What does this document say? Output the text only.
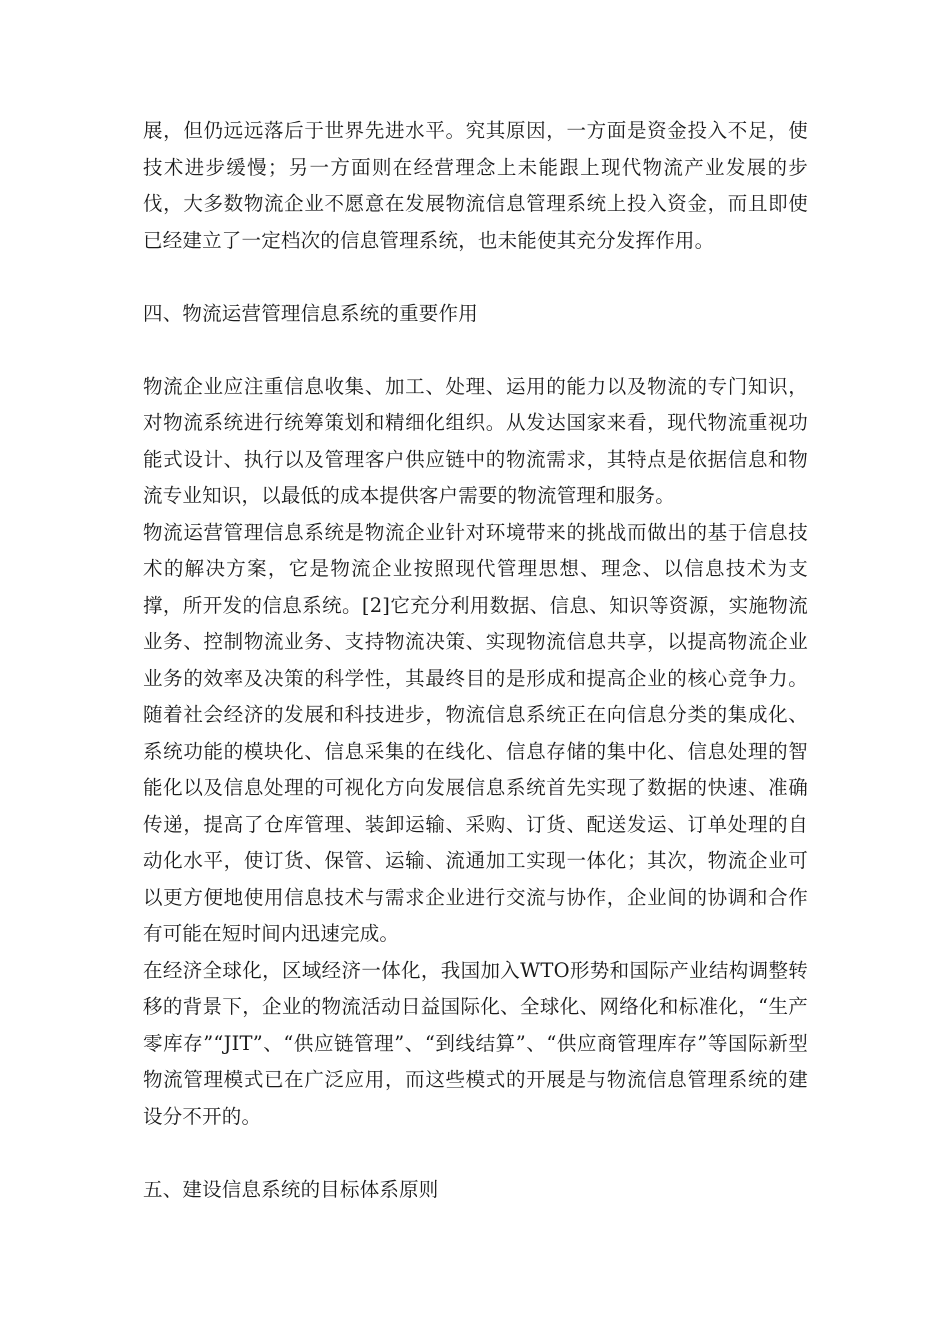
展，但仍远远落后于世界先进水平。究其原因，一方面是资金投入不足，使技术进步缓慢；另一方面则在经营理念上未能跟上现代物流产业发展的步伐，大多数物流企业不愿意在发展物流信息管理系统上投入资金，而且即使已经建立了一定档次的信息管理系统，也未能使其充分发挥作用。

四、物流运营管理信息系统的重要作用

物流企业应注重信息收集、加工、处理、运用的能力以及物流的专门知识，对物流系统进行统筹策划和精细化组织。从发达国家来看，现代物流重视功能式设计、执行以及管理客户供应链中的物流需求，其特点是依据信息和物流专业知识，以最低的成本提供客户需要的物流管理和服务。

物流运营管理信息系统是物流企业针对环境带来的挑战而做出的基于信息技术的解决方案，它是物流企业按照现代管理思想、理念、以信息技术为支撑，所开发的信息系统。[2]它充分利用数据、信息、知识等资源，实施物流业务、控制物流业务、支持物流决策、实现物流信息共享，以提高物流企业业务的效率及决策的科学性，其最终目的是形成和提高企业的核心竞争力。随着社会经济的发展和科技进步，物流信息系统正在向信息分类的集成化、系统功能的模块化、信息采集的在线化、信息存储的集中化、信息处理的智能化以及信息处理的可视化方向发展信息系统首先实现了数据的快速、准确传递，提高了仓库管理、装卸运输、采购、订货、配送发运、订单处理的自动化水平，使订货、保管、运输、流通加工实现一体化；其次，物流企业可以更方便地使用信息技术与需求企业进行交流与协作，企业间的协调和合作有可能在短时间内迅速完成。

在经济全球化，区域经济一体化，我国加入WTO形势和国际产业结构调整转移的背景下，企业的物流活动日益国际化、全球化、网络化和标准化，“生产零库存”“JIT”、“供应链管理”、“到线结算”、“供应商管理库存”等国际新型物流管理模式已在广泛应用，而这些模式的开展是与物流信息管理系统的建设分不开的。

五、建设信息系统的目标体系原则
